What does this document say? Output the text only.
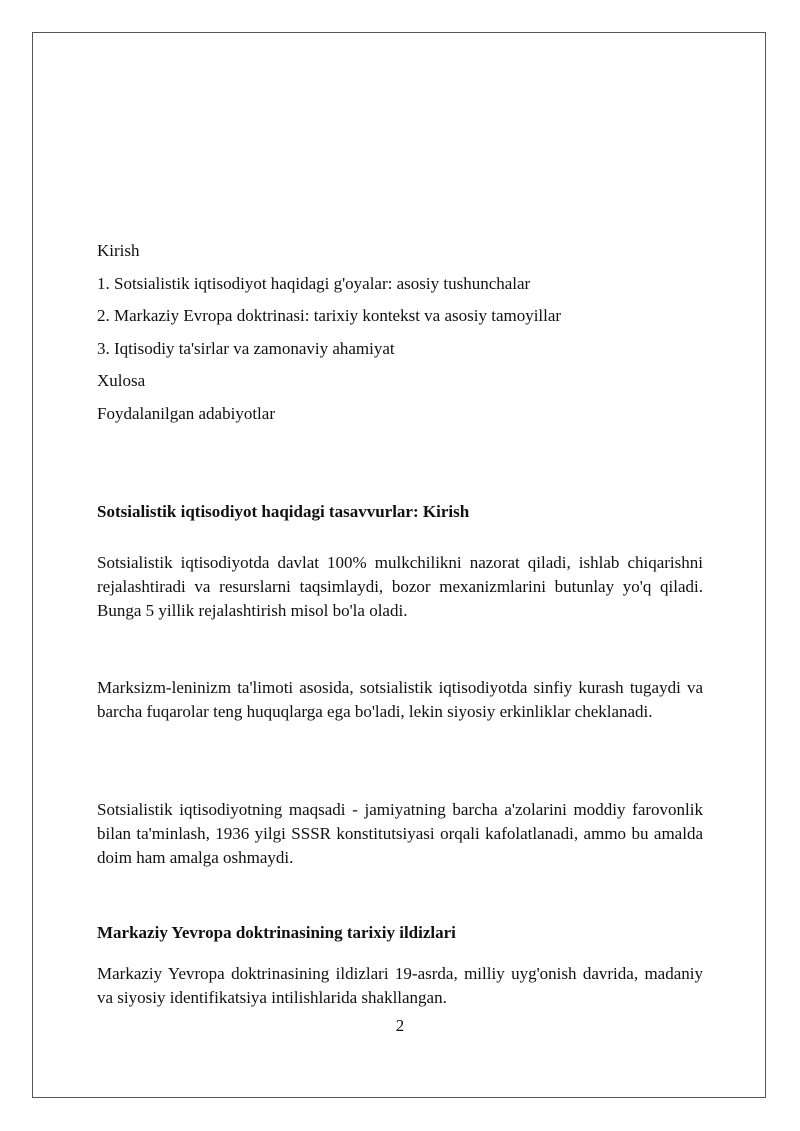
Kirish
1. Sotsialistik iqtisodiyot haqidagi g'oyalar: asosiy tushunchalar
2. Markaziy Evropa doktrinasi: tarixiy kontekst va asosiy tamoyillar
3. Iqtisodiy ta'sirlar va zamonaviy ahamiyat
Xulosa
Foydalanilgan adabiyotlar

Sotsialistik iqtisodiyot haqidagi tasavvurlar: Kirish

Sotsialistik iqtisodiyotda davlat 100% mulkchilikni nazorat qiladi, ishlab chiqarishni rejalashtiradi va resurslarni taqsimlaydi, bozor mexanizmlarini butunlay yo'q qiladi. Bunga 5 yillik rejalashtirish misol bo'la oladi.

Marksizm-leninizm ta'limoti asosida, sotsialistik iqtisodiyotda sinfiy kurash tugaydi va barcha fuqarolar teng huquqlarga ega bo'ladi, lekin siyosiy erkinliklar cheklanadi.

Sotsialistik iqtisodiyotning maqsadi - jamiyatning barcha a'zolarini moddiy farovonlik bilan ta'minlash, 1936 yilgi SSSR konstitutsiyasi orqali kafolatlanadi, ammo bu amalda doim ham amalga oshmaydi.

Markaziy Yevropa doktrinasining tarixiy ildizlari

Markaziy Yevropa doktrinasining ildizlari 19-asrda, milliy uyg'onish davrida, madaniy va siyosiy identifikatsiya intilishlarida shakllangan.

2
